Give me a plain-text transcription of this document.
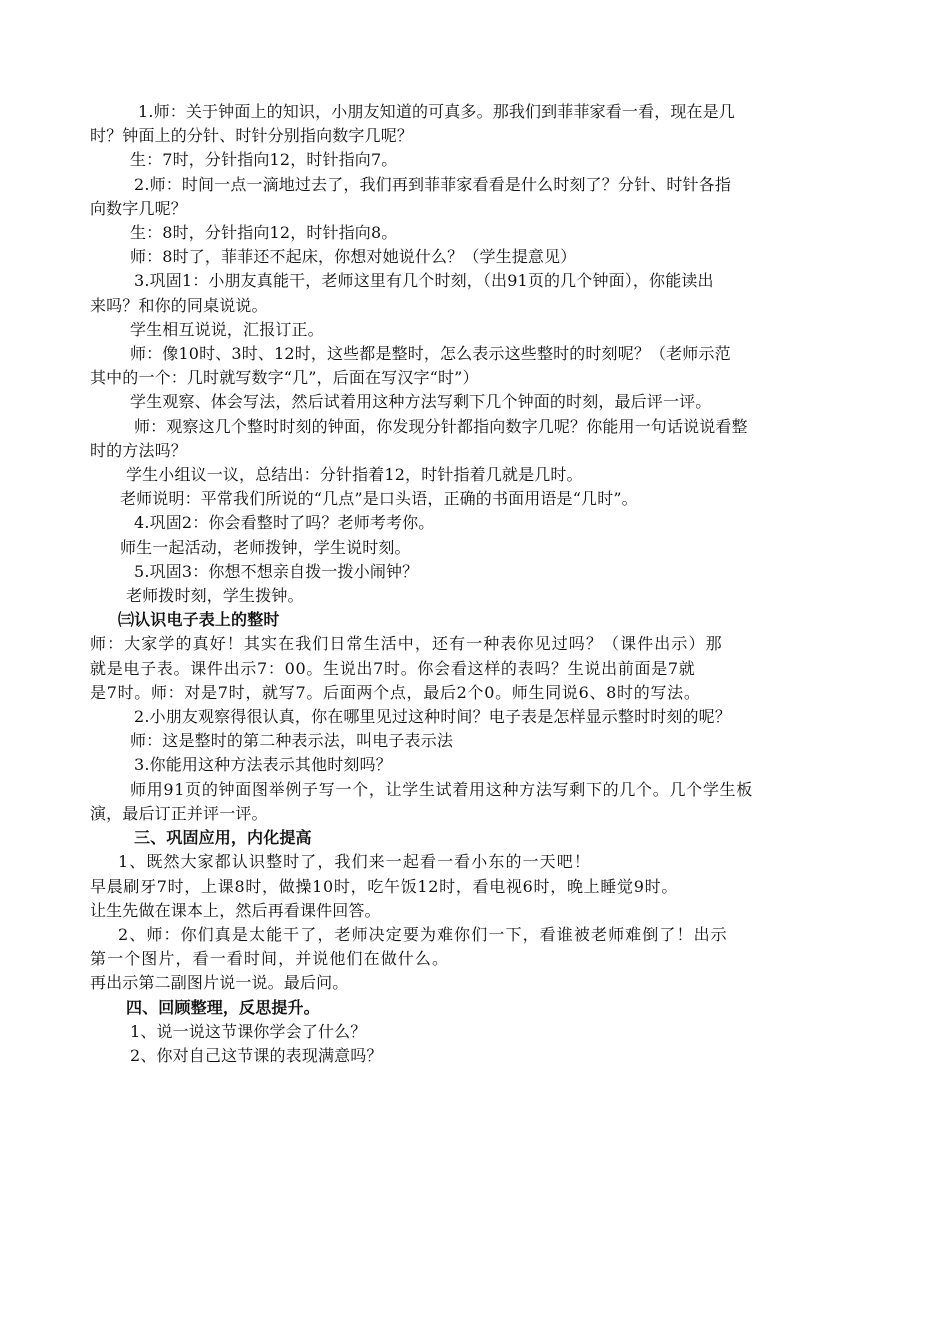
1.师：关于钟面上的知识，小朋友知道的可真多。那我们到菲菲家看一看，现在是几
时？钟面上的分针、时针分别指向数字几呢？
生：7时，分针指向12，时针指向7。
2.师：时间一点一滴地过去了，我们再到菲菲家看看是什么时刻了？分针、时针各指
向数字几呢？
生：8时，分针指向12，时针指向8。
师：8时了，菲菲还不起床，你想对她说什么？（学生提意见）
3.巩固1：小朋友真能干，老师这里有几个时刻，（出91页的几个钟面），你能读出
来吗？和你的同桌说说。
学生相互说说，汇报订正。
师：像10时、3时、12时，这些都是整时，怎么表示这些整时的时刻呢？（老师示范
其中的一个：几时就写数字“几”，后面在写汉字“时”）
学生观察、体会写法，然后试着用这种方法写剩下几个钟面的时刻，最后评一评。
师：观察这几个整时时刻的钟面，你发现分针都指向数字几呢？你能用一句话说说看整
时的方法吗？
学生小组议一议，总结出：分针指着12，时针指着几就是几时。
老师说明：平常我们所说的“几点”是口头语，正确的书面用语是“几时”。
4.巩固2：你会看整时了吗？老师考考你。
师生一起活动，老师拨钟，学生说时刻。
5.巩固3：你想不想亲自拨一拨小闹钟？
老师拨时刻，学生拨钟。
㈢认识电子表上的整时
师：大家学的真好！其实在我们日常生活中，还有一种表你见过吗？（课件出示）那
就是电子表。课件出示7：00。生说出7时。你会看这样的表吗？生说出前面是7就
是7时。师：对是7时，就写7。后面两个点，最后2个0。师生同说6、8时的写法。
2.小朋友观察得很认真，你在哪里见过这种时间？电子表是怎样显示整时时刻的呢？
师：这是整时的第二种表示法，叫电子表示法
3.你能用这种方法表示其他时刻吗？
师用91页的钟面图举例子写一个，让学生试着用这种方法写剩下的几个。几个学生板
演，最后订正并评一评。
三、巩固应用，内化提高
1、既然大家都认识整时了，我们来一起看一看小东的一天吧！
早晨刷牙7时，上课8时，做操10时，吃午饭12时，看电视6时，晚上睡觉9时。
让生先做在课本上，然后再看课件回答。
2、师：你们真是太能干了，老师决定要为难你们一下，看谁被老师难倒了！出示
第一个图片，看一看时间，并说他们在做什么。
再出示第二副图片说一说。最后问。
四、回顾整理，反思提升。
1、说一说这节课你学会了什么？
2、你对自己这节课的表现满意吗？
